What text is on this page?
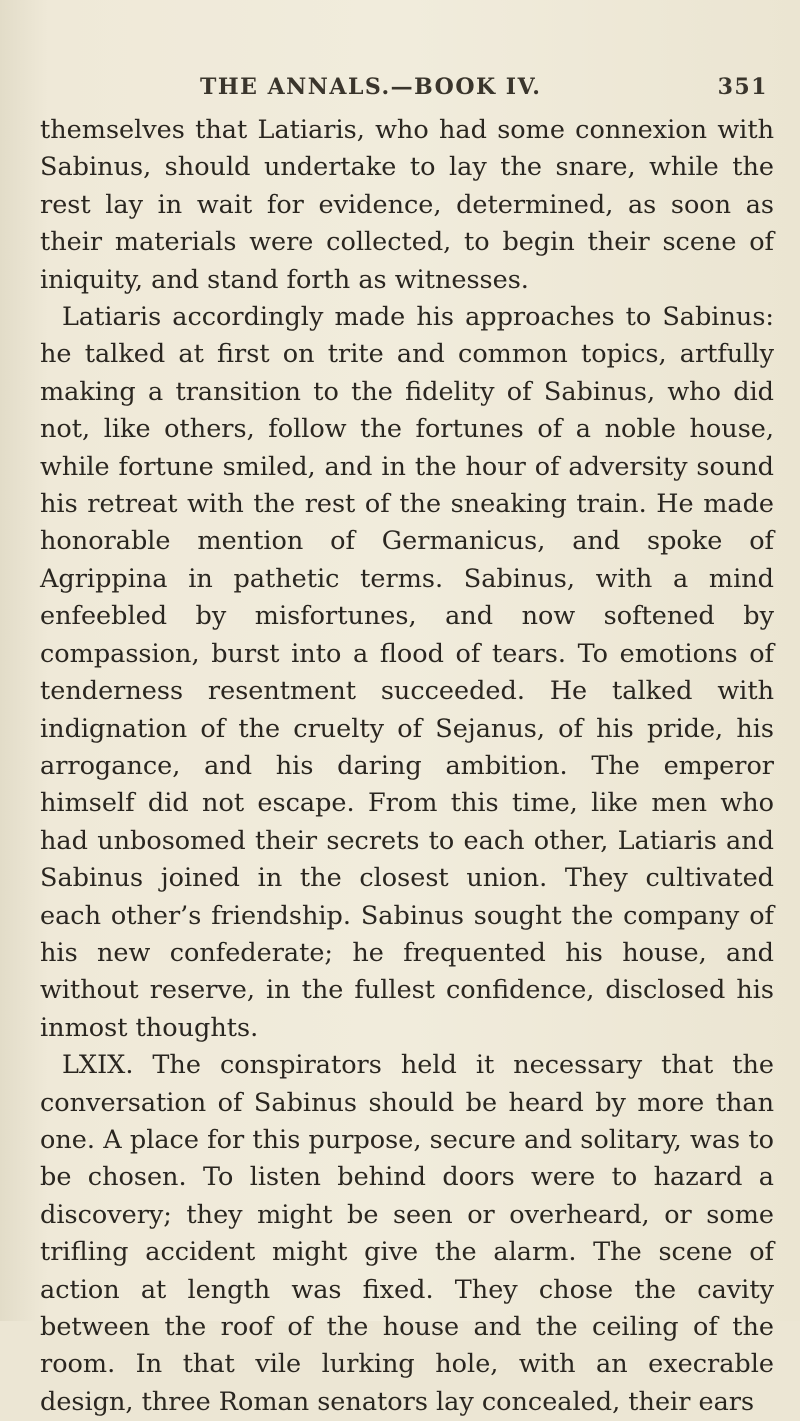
THE ANNALS.—BOOK IV.	351

themselves that Latiaris, who had some connexion with Sabinus, should undertake to lay the snare, while the rest lay in wait for evidence, determined, as soon as their materials were collected, to begin their scene of iniquity, and stand forth as witnesses.

Latiaris accordingly made his approaches to Sabinus: he talked at first on trite and common topics, artfully making a transition to the fidelity of Sabinus, who did not, like others, follow the fortunes of a noble house, while fortune smiled, and in the hour of adversity sound his retreat with the rest of the sneaking train. He made honorable mention of Germanicus, and spoke of Agrippina in pathetic terms. Sabinus, with a mind enfeebled by misfortunes, and now softened by compassion, burst into a flood of tears. To emotions of tenderness resentment succeeded. He talked with indignation of the cruelty of Sejanus, of his pride, his arrogance, and his daring ambition. The emperor himself did not escape. From this time, like men who had unbosomed their secrets to each other, Latiaris and Sabinus joined in the closest union. They cultivated each other’s friendship. Sabinus sought the company of his new confederate; he frequented his house, and without reserve, in the fullest confidence, disclosed his inmost thoughts.

LXIX. The conspirators held it necessary that the conversation of Sabinus should be heard by more than one. A place for this purpose, secure and solitary, was to be chosen. To listen behind doors were to hazard a discovery; they might be seen or overheard, or some trifling accident might give the alarm. The scene of action at length was fixed. They chose the cavity between the roof of the house and the ceiling of the room. In that vile lurking hole, with an execrable design, three Roman senators lay concealed, their ears
